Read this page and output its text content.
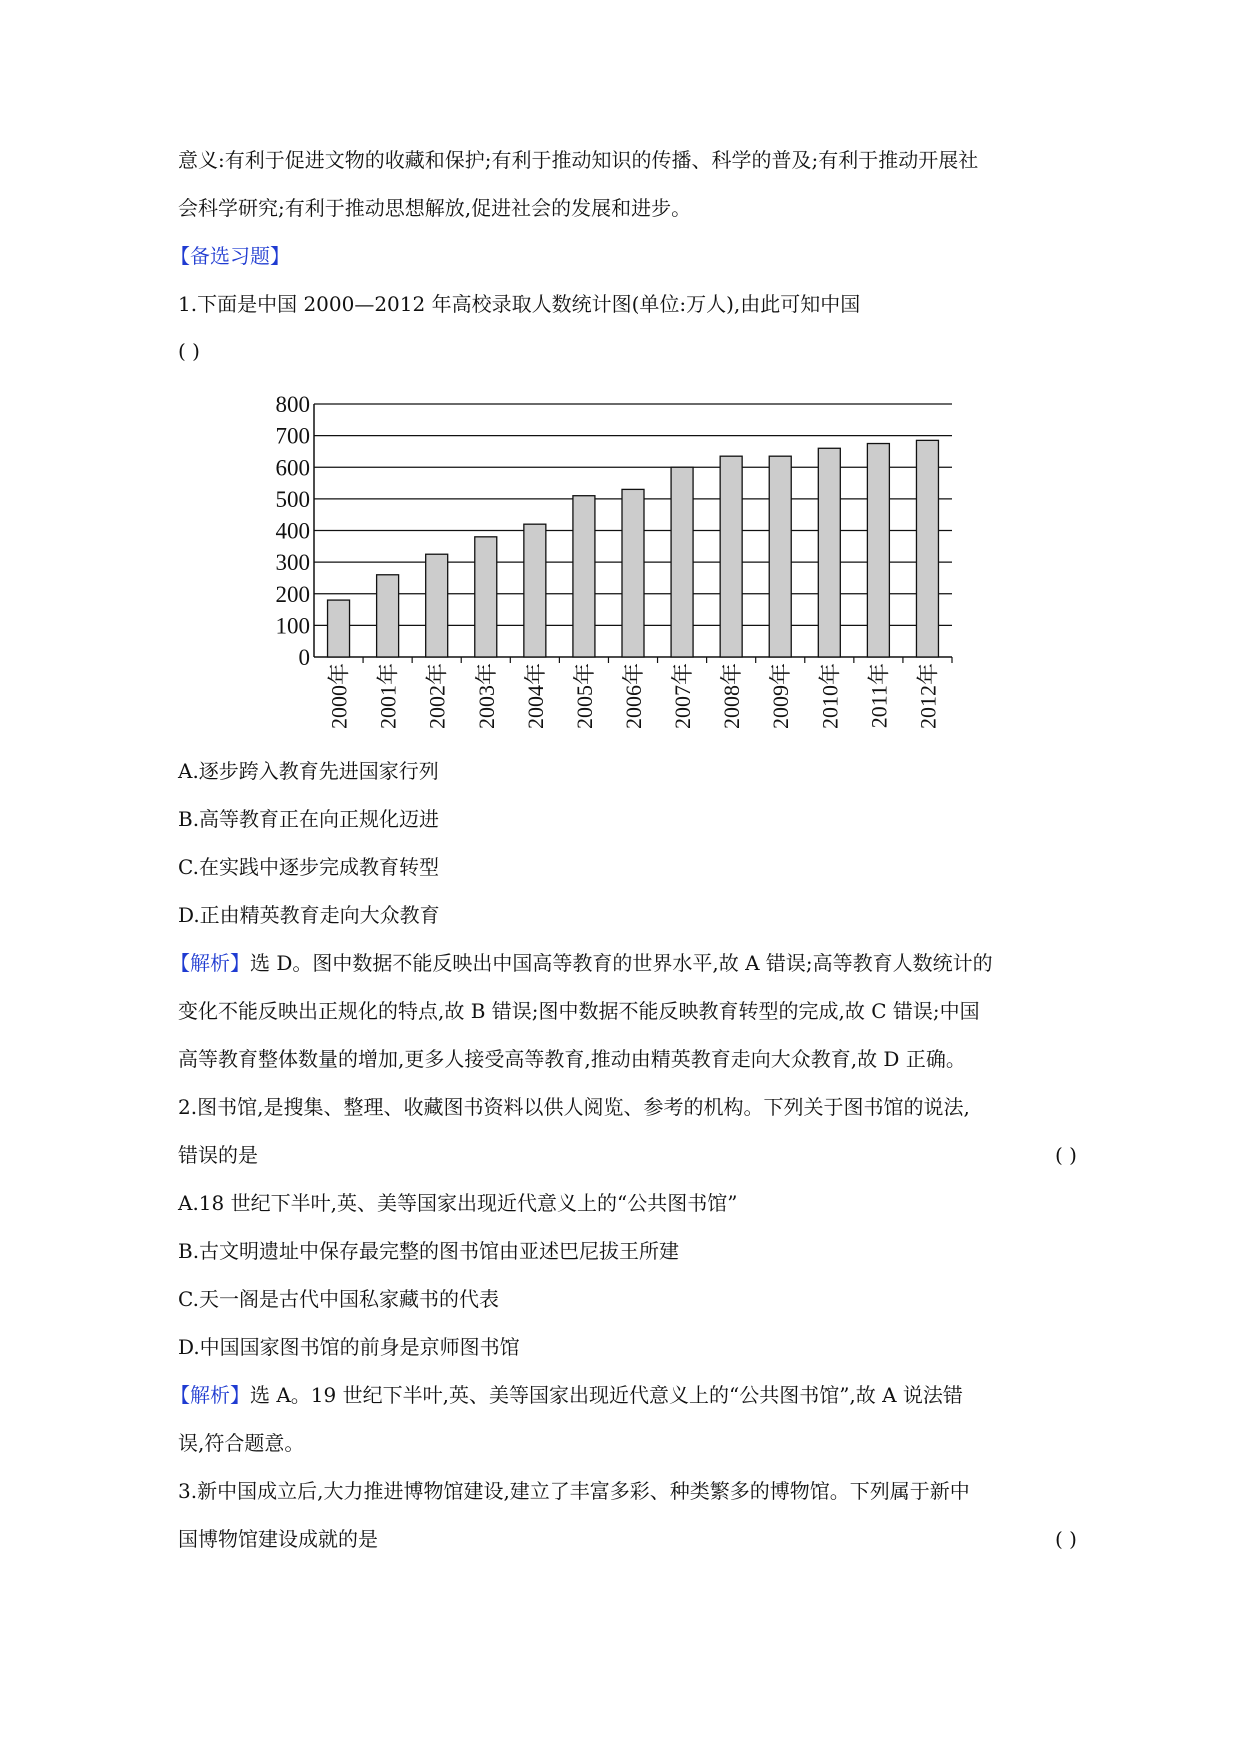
意义:有利于促进文物的收藏和保护;有利于推动知识的传播、科学的普及;有利于推动开展社
会科学研究;有利于推动思想解放,促进社会的发展和进步。
【备选习题】
1.下面是中国 2000—2012 年高校录取人数统计图(单位:万人),由此可知中国
( )
0
100
200
300
400
500
600
700
800
2000年 2001年 2002年 2003年 2004年 2005年 2006年 2007年 2008年 2009年 2010年 2011年 2012年
A.逐步跨入教育先进国家行列
B.高等教育正在向正规化迈进
C.在实践中逐步完成教育转型
D.正由精英教育走向大众教育
【解析】选 D。图中数据不能反映出中国高等教育的世界水平,故 A 错误;高等教育人数统计的
变化不能反映出正规化的特点,故 B 错误;图中数据不能反映教育转型的完成,故 C 错误;中国
高等教育整体数量的增加,更多人接受高等教育,推动由精英教育走向大众教育,故 D 正确。
2.图书馆,是搜集、整理、收藏图书资料以供人阅览、参考的机构。下列关于图书馆的说法,
错误的是	( )
A.18 世纪下半叶,英、美等国家出现近代意义上的“公共图书馆”
B.古文明遗址中保存最完整的图书馆由亚述巴尼拔王所建
C.天一阁是古代中国私家藏书的代表
D.中国国家图书馆的前身是京师图书馆
【解析】选 A。19 世纪下半叶,英、美等国家出现近代意义上的“公共图书馆”,故 A 说法错
误,符合题意。
3.新中国成立后,大力推进博物馆建设,建立了丰富多彩、种类繁多的博物馆。下列属于新中
国博物馆建设成就的是	( )
